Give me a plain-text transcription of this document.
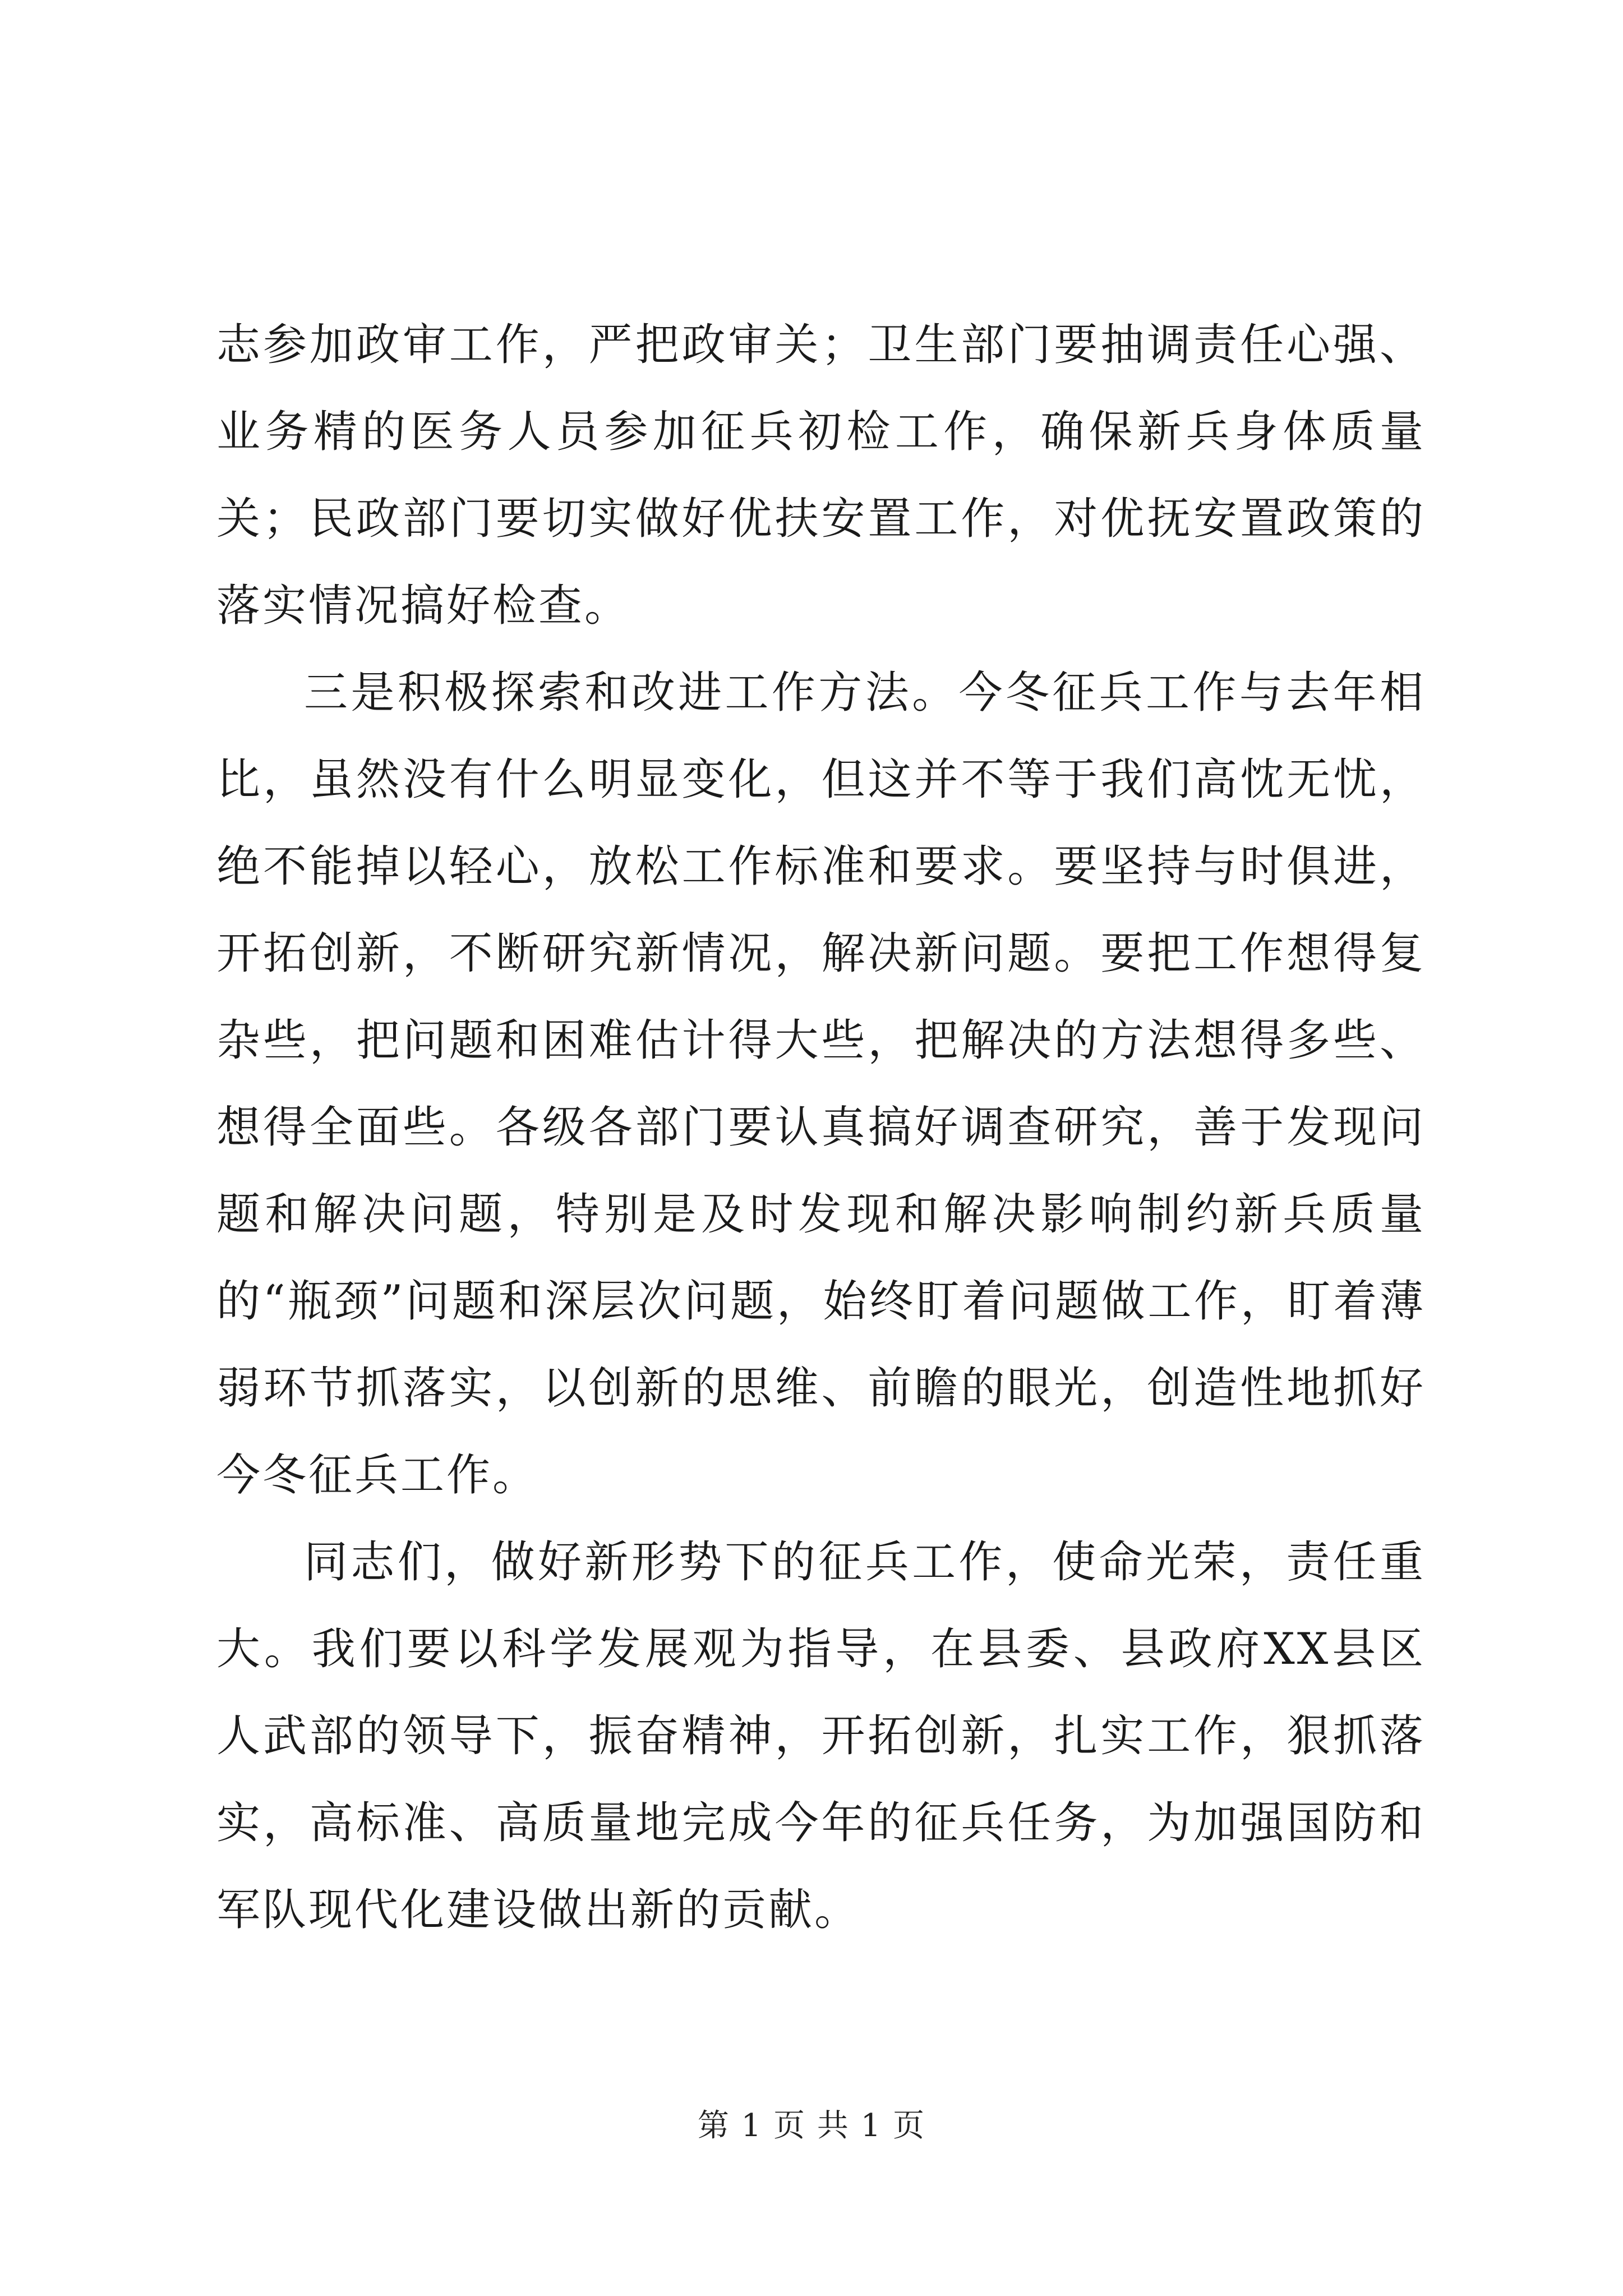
志参加政审工作，严把政审关；卫生部门要抽调责任心强、业务精的医务人员参加征兵初检工作，确保新兵身体质量关；民政部门要切实做好优扶安置工作，对优抚安置政策的落实情况搞好检查。

三是积极探索和改进工作方法。今冬征兵工作与去年相比，虽然没有什么明显变化，但这并不等于我们高忱无忧，绝不能掉以轻心，放松工作标准和要求。要坚持与时俱进，开拓创新，不断研究新情况，解决新问题。要把工作想得复杂些，把问题和困难估计得大些，把解决的方法想得多些、想得全面些。各级各部门要认真搞好调查研究，善于发现问题和解决问题，特别是及时发现和解决影响制约新兵质量的“瓶颈”问题和深层次问题，始终盯着问题做工作，盯着薄弱环节抓落实，以创新的思维、前瞻的眼光，创造性地抓好今冬征兵工作。

同志们，做好新形势下的征兵工作，使命光荣，责任重大。我们要以科学发展观为指导，在县委、县政府XX县区人武部的领导下，振奋精神，开拓创新，扎实工作，狠抓落实，高标准、高质量地完成今年的征兵任务，为加强国防和军队现代化建设做出新的贡献。

第 1 页 共 1 页
